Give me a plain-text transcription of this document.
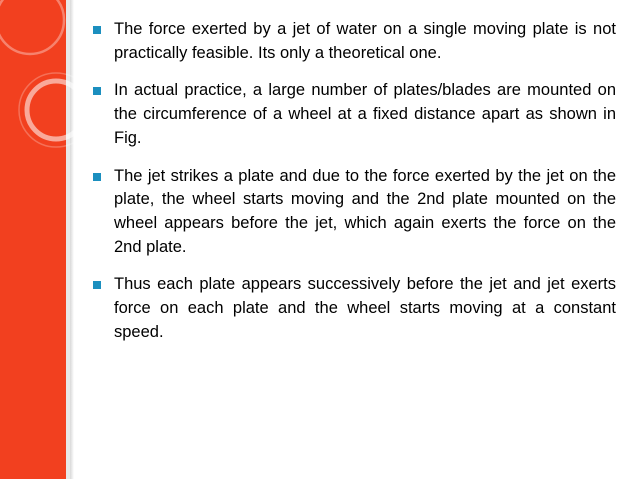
The force exerted by a jet of water on a single moving plate is not practically feasible. Its only a theoretical one.
In actual practice, a large number of plates/blades are mounted on the circumference of a wheel at a fixed distance apart as shown in Fig.
The jet strikes a plate and due to the force exerted by the jet on the plate, the wheel starts moving and the 2nd plate mounted on the wheel appears before the jet, which again exerts the force on the 2nd plate.
Thus each plate appears successively before the jet and jet exerts force on each plate and the wheel starts moving at a constant speed.
